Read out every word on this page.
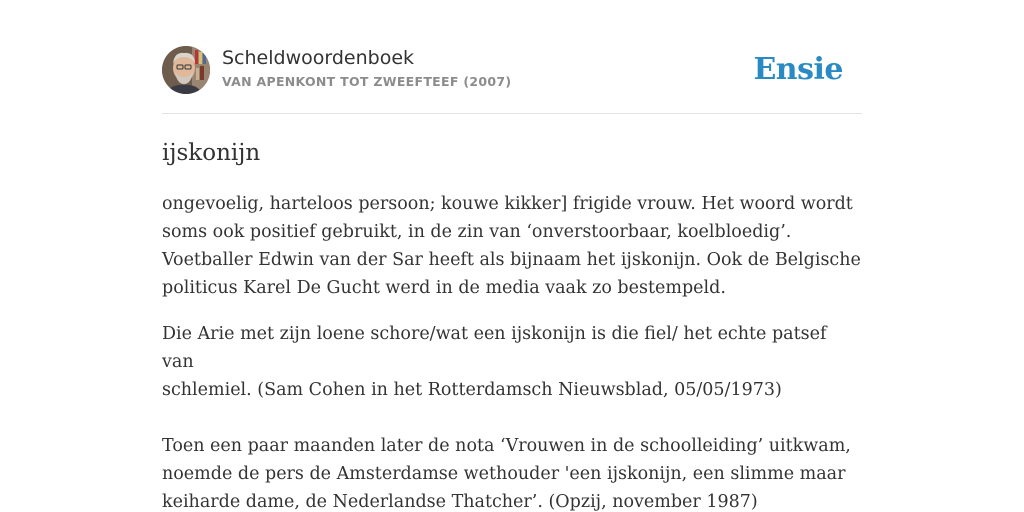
Scheldwoordenboek
VAN APENKONT TOT ZWEEFTEEF (2007)	Ensie
ijskonijn

ongevoelig, harteloos persoon; kouwe kikker] frigide vrouw. Het woord wordt
soms ook positief gebruikt, in de zin van ‘onverstoorbaar, koelbloedig’.
Voetballer Edwin van der Sar heeft als bijnaam het ijskonijn. Ook de Belgische
politicus Karel De Gucht werd in de media vaak zo bestempeld.

Die Arie met zijn loene schore/wat een ijskonijn is die fiel/ het echte patsef van
schlemiel. (Sam Cohen in het Rotterdamsch Nieuwsblad, 05/05/1973)

Toen een paar maanden later de nota ‘Vrouwen in de schoolleiding’ uitkwam,
noemde de pers de Amsterdamse wethouder 'een ijskonijn, een slimme maar
keiharde dame, de Nederlandse Thatcher’. (Opzij, november 1987)
